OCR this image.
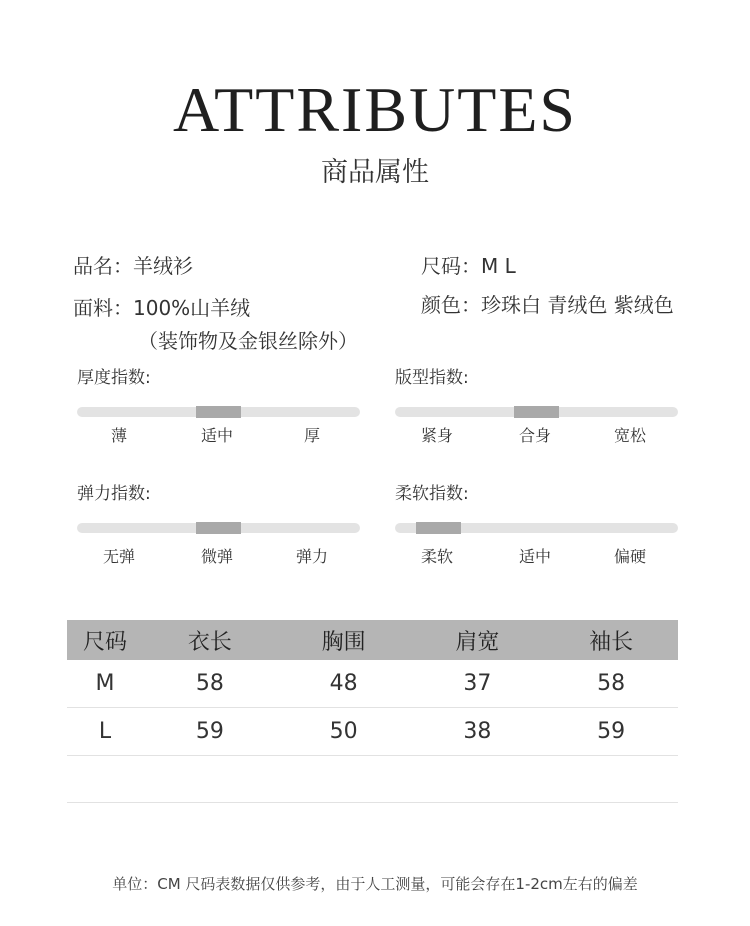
ATTRIBUTES
商品属性
品名：羊绒衫	尺码：M L
面料：100%山羊绒
（装饰物及金银丝除外）
颜色：珍珠白 青绒色 紫绒色
厚度指数:
薄	适中	厚
版型指数:
紧身	合身	宽松
弹力指数:
无弹	微弹	弹力
柔软指数:
柔软	适中	偏硬
尺码	衣长	胸围	肩宽	袖长
M	58	48	37	58
L	59	50	38	59

单位：CM 尺码表数据仅供参考，由于人工测量，可能会存在1-2cm左右的偏差
